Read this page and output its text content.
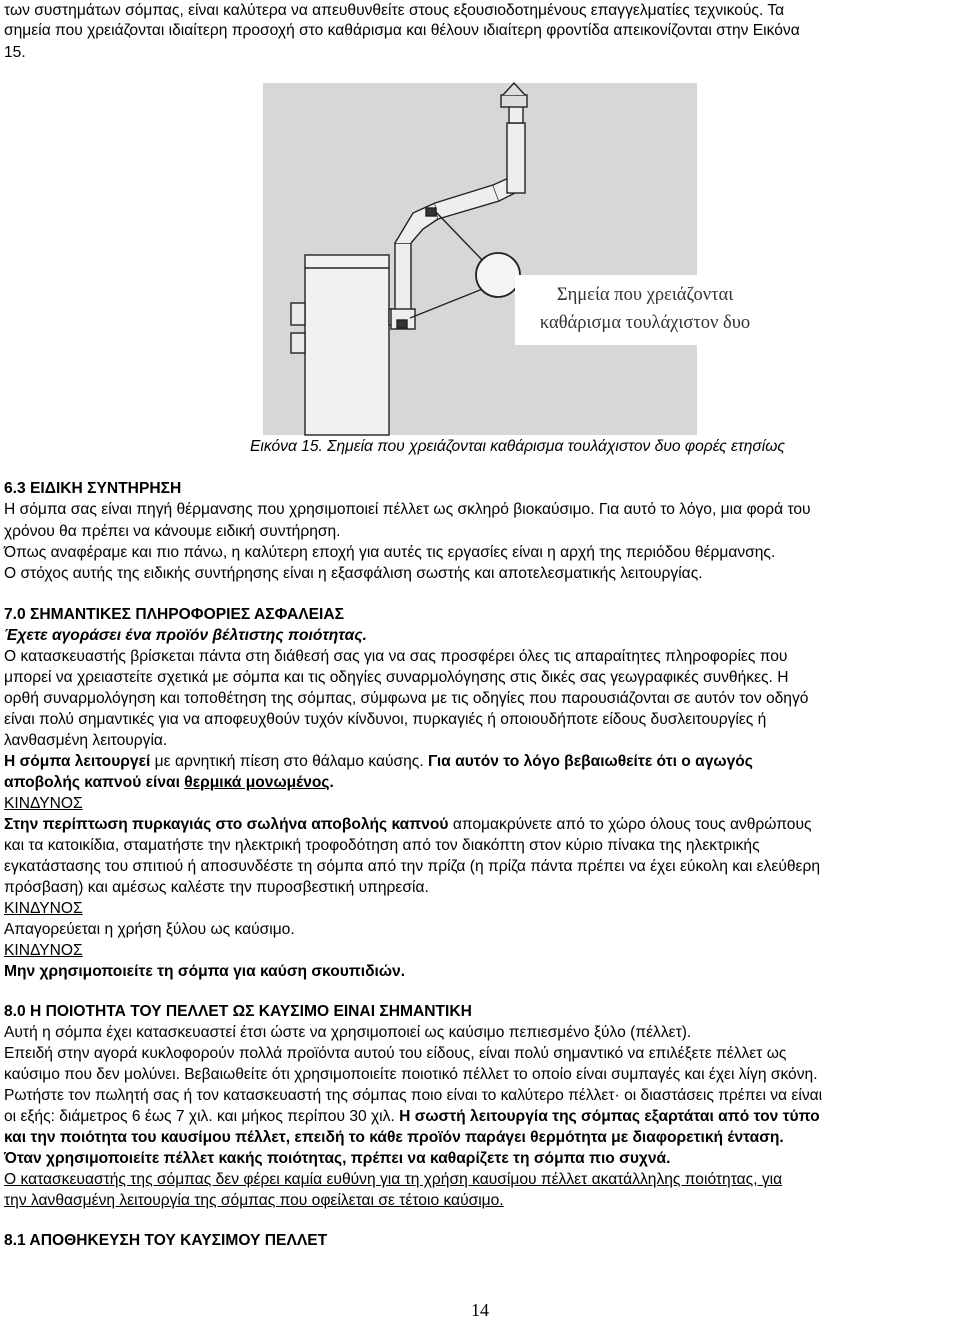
των συστημάτων σόμπας, είναι καλύτερα να απευθυνθείτε στους εξουσιοδοτημένους επαγγελματίες τεχνικούς. Τα
σημεία που χρειάζονται ιδιαίτερη προσοχή στο καθάρισμα και θέλουν ιδιαίτερη φροντίδα απεικονίζονται στην Εικόνα
15.
Σημεία που χρειάζονται
καθάρισμα τουλάχιστον δυο
Εικόνα 15. Σημεία που χρειάζονται καθάρισμα τουλάχιστον δυο φορές ετησίως
6.3 ΕΙΔΙΚΗ ΣΥΝΤΗΡΗΣΗ
Η σόμπα σας είναι πηγή θέρμανσης που χρησιμοποιεί πέλλετ ως σκληρό βιοκαύσιμο. Για αυτό το λόγο, μια φορά του
χρόνου θα πρέπει να κάνουμε ειδική συντήρηση.
Όπως αναφέραμε και πιο πάνω, η καλύτερη εποχή για αυτές τις εργασίες είναι η αρχή της περιόδου θέρμανσης.
Ο στόχος αυτής της ειδικής συντήρησης είναι η εξασφάλιση σωστής και αποτελεσματικής λειτουργίας.
7.0 ΣΗΜΑΝΤΙΚΕΣ ΠΛΗΡΟΦΟΡΙΕΣ ΑΣΦΑΛΕΙΑΣ
Έχετε αγοράσει ένα προϊόν βέλτιστης ποιότητας.
Ο κατασκευαστής βρίσκεται πάντα στη διάθεσή σας για να σας προσφέρει όλες τις απαραίτητες πληροφορίες που
μπορεί να χρειαστείτε σχετικά με σόμπα και τις οδηγίες συναρμολόγησης στις δικές σας γεωγραφικές συνθήκες. Η
ορθή συναρμολόγηση και τοποθέτηση της σόμπας, σύμφωνα με τις οδηγίες που παρουσιάζονται σε αυτόν τον οδηγό
είναι πολύ σημαντικές για να αποφευχθούν τυχόν κίνδυνοι, πυρκαγιές ή οποιουδήποτε είδους δυσλειτουργίες ή
λανθασμένη λειτουργία.
Η σόμπα λειτουργεί με αρνητική πίεση στο θάλαμο καύσης. Για αυτόν το λόγο βεβαιωθείτε ότι ο αγωγός
αποβολής καπνού είναι θερμικά μονωμένος.
ΚΙΝΔΥΝΟΣ
Στην περίπτωση πυρκαγιάς στο σωλήνα αποβολής καπνού απομακρύνετε από το χώρο όλους τους ανθρώπους
και τα κατοικίδια, σταματήστε την ηλεκτρική τροφοδότηση από τον διακόπτη στον κύριο πίνακα της ηλεκτρικής
εγκατάστασης του σπιτιού ή αποσυνδέστε τη σόμπα από την πρίζα (η πρίζα πάντα πρέπει να έχει εύκολη και ελεύθερη
πρόσβαση) και αμέσως καλέστε την πυροσβεστική υπηρεσία.
ΚΙΝΔΥΝΟΣ
Απαγορεύεται η χρήση ξύλου ως καύσιμο.
ΚΙΝΔΥΝΟΣ
Μην χρησιμοποιείτε τη σόμπα για καύση σκουπιδιών.
8.0 Η ΠΟΙΟΤΗΤΑ ΤΟΥ ΠΕΛΛΕΤ ΩΣ ΚΑΥΣΙΜΟ ΕΙΝΑΙ ΣΗΜΑΝΤΙΚΗ
Αυτή η σόμπα έχει κατασκευαστεί έτσι ώστε να χρησιμοποιεί ως καύσιμο πεπιεσμένο ξύλο (πέλλετ).
Επειδή στην αγορά κυκλοφορούν πολλά προϊόντα αυτού του είδους, είναι πολύ σημαντικό να επιλέξετε πέλλετ ως
καύσιμο που δεν μολύνει. Βεβαιωθείτε ότι χρησιμοποιείτε ποιοτικό πέλλετ το οποίο είναι συμπαγές και έχει λίγη σκόνη.
Ρωτήστε τον πωλητή σας ή τον κατασκευαστή της σόμπας ποιο είναι το καλύτερο πέλλετ· οι διαστάσεις πρέπει να είναι
οι εξής: διάμετρος 6 έως 7 χιλ. και μήκος περίπου 30 χιλ. Η σωστή λειτουργία της σόμπας εξαρτάται από τον τύπο
και την ποιότητα του καυσίμου πέλλετ, επειδή το κάθε προϊόν παράγει θερμότητα με διαφορετική ένταση.
Όταν χρησιμοποιείτε πέλλετ κακής ποιότητας, πρέπει να καθαρίζετε τη σόμπα πιο συχνά.
Ο κατασκευαστής της σόμπας δεν φέρει καμία ευθύνη για τη χρήση καυσίμου πέλλετ ακατάλληλης ποιότητας, για
την λανθασμένη λειτουργία της σόμπας που οφείλεται σε τέτοιο καύσιμο.
8.1 ΑΠΟΘΗΚΕΥΣΗ ΤΟΥ ΚΑΥΣΙΜΟΥ ΠΕΛΛΕΤ
14
